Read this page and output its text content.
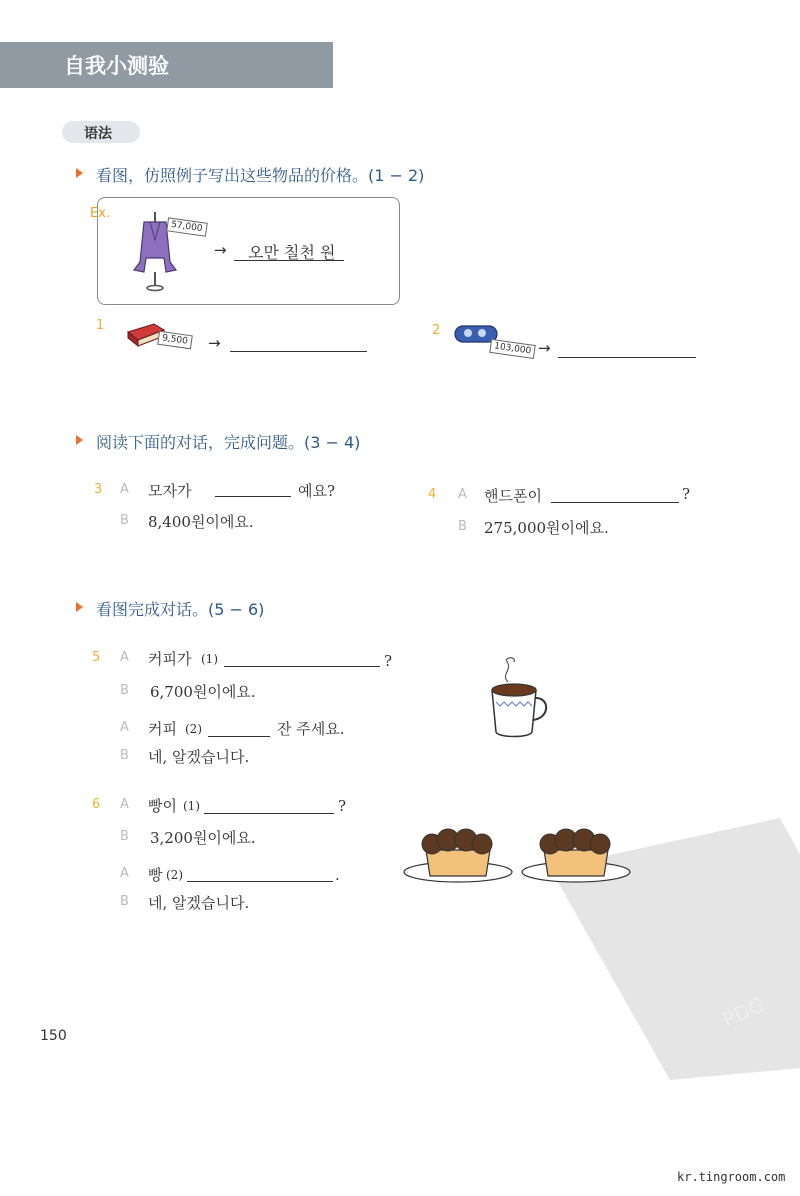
自我小测验
语法
看图，仿照例子写出这些物品的价格。(1 − 2)
Ex.
57,000
→ 오만 칠천 원
1
9,500 →
2
103,000 →
阅读下面的对话，完成问题。(3 − 4)
3 A 모자가	예요?
B 8,400원이에요.
4 A 핸드폰이	?
B 275,000원이에요.
看图完成对话。(5 − 6)
5 A 커피가 (1)	?
B 6,700원이에요.
A 커피 (2)	잔 주세요.
B 네, 알겠습니다.
6 A 빵이 (1)	?
B 3,200원이에요.
A 빵 (2)	.
B 네, 알겠습니다.
PDG
150
kr.tingroom.com
